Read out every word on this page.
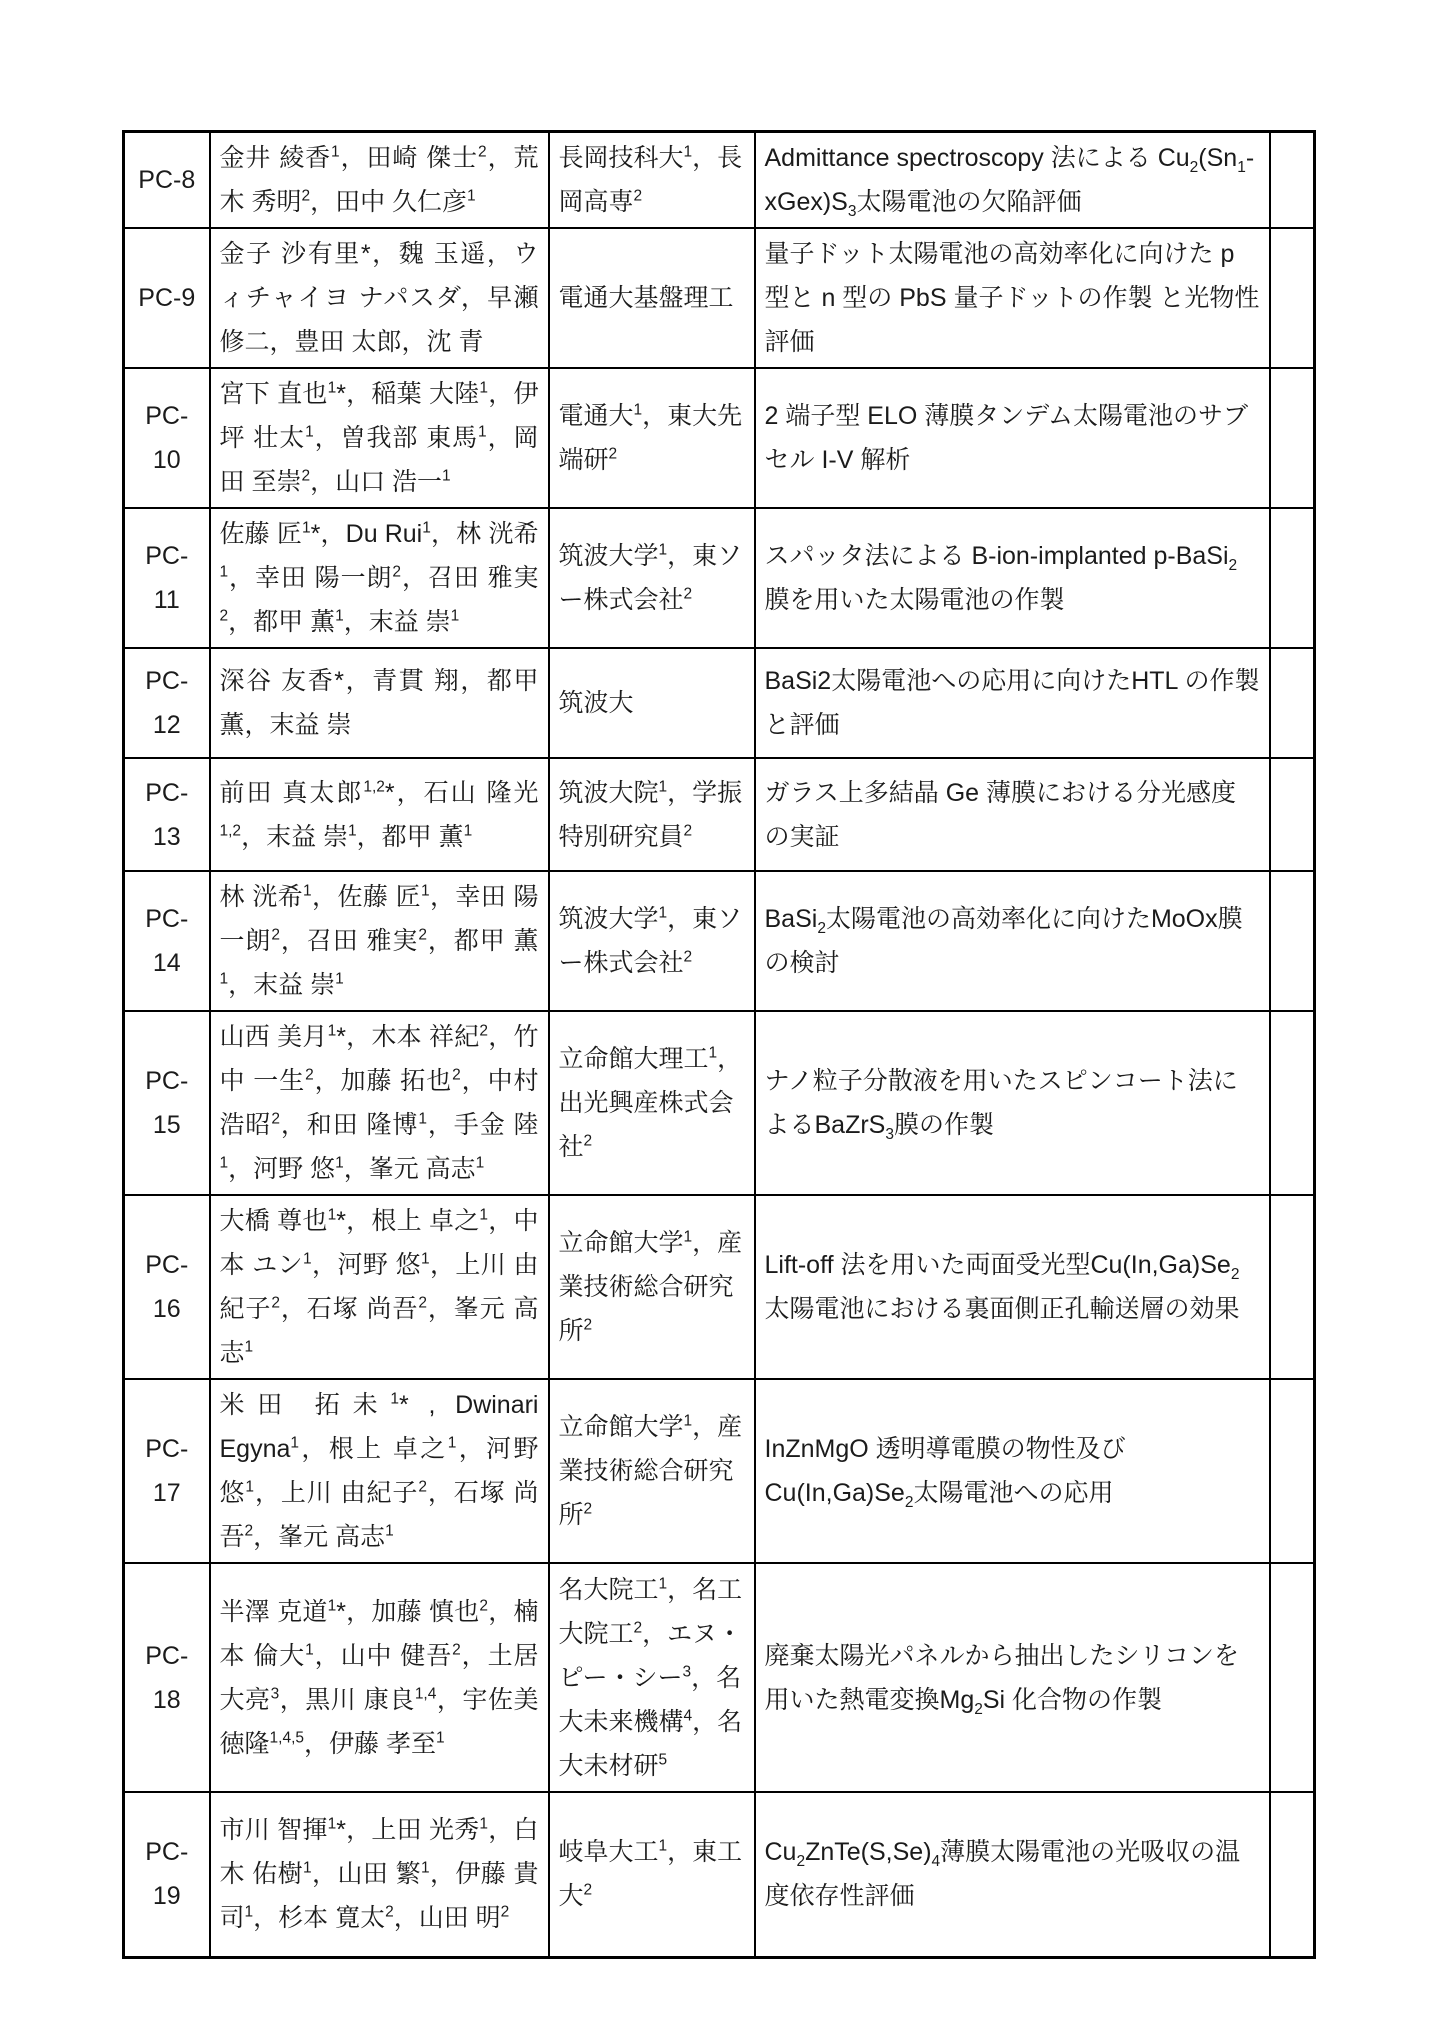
PC-8	金井 綾香$^1$，田崎 傑士$^2$，荒木 秀明$^2$，田中 久仁彦$^1$	長岡技科大$^1$，長岡高専$^2$	Admittance spectroscopy 法による $Cu_2(Sn_1-xGex)S_3$太陽電池の欠陥評価	
PC-9	金子 沙有里*，魏 玉遥，ウィチャイヨ ナパスダ，早瀬 修二，豊田 太郎，沈 青	電通大基盤理工	量子ドット太陽電池の高効率化に向けた p 型と n 型の PbS 量子ドットの作製 と光物性評価	
PC-10	宮下 直也$^1$*，稲葉 大陸$^1$，伊坪 壮太$^1$，曽我部 東馬$^1$，岡田 至崇$^2$，山口 浩一$^1$	電通大$^1$，東大先端研$^2$	2 端子型 ELO 薄膜タンデム太陽電池のサブセル I-V 解析	
PC-11	佐藤 匠$^1$*，Du Rui$^1$，林 洸希$^1$，幸田 陽一朗$^2$，召田 雅実$^2$，都甲 薫$^1$，末益 崇$^1$	筑波大学$^1$，東ソー株式会社$^2$	スパッタ法による B-ion-implanted p-BaSi$_2$膜を用いた太陽電池の作製	
PC-12	深谷 友香*，青貫 翔，都甲 薫，末益 崇	筑波大	BaSi2太陽電池への応用に向けたHTL の作製と評価	
PC-13	前田 真太郎$^{1,2}$*，石山 隆光$^{1,2}$，末益 崇$^1$，都甲 薫$^1$	筑波大院$^1$，学振特別研究員$^2$	ガラス上多結晶 Ge 薄膜における分光感度の実証	
PC-14	林 洸希$^1$，佐藤 匠$^1$，幸田 陽一朗$^2$，召田 雅実$^2$，都甲 薫$^1$，末益 崇$^1$	筑波大学$^1$，東ソー株式会社$^2$	BaSi$_2$太陽電池の高効率化に向けたMoOx膜の検討	
PC-15	山西 美月$^1$*，木本 祥紀$^2$，竹中 一生$^2$，加藤 拓也$^2$，中村 浩昭$^2$，和田 隆博$^1$，手金 陸$^1$，河野 悠$^1$，峯元 高志$^1$	立命館大理工$^1$，出光興産株式会社$^2$	ナノ粒子分散液を用いたスピンコート法によるBaZrS$_3$膜の作製	
PC-16	大橋 尊也$^1$*，根上 卓之$^1$，中本 ユン$^1$，河野 悠$^1$，上川 由紀子$^2$，石塚 尚吾$^2$，峯元 高志$^1$	立命館大学$^1$，産業技術総合研究所$^2$	Lift-off 法を用いた両面受光型$Cu(In,Ga)Se_2$太陽電池における裏面側正孔輸送層の効果	
PC-17	米田 拓未$^1$* , Dwinari Egyna$^1$，根上 卓之$^1$，河野 悠$^1$，上川 由紀子$^2$，石塚 尚吾$^2$，峯元 高志$^1$	立命館大学$^1$，産業技術総合研究所$^2$	InZnMgO 透明導電膜の物性及び$Cu(In,Ga)Se_2$太陽電池への応用	
PC-18	半澤 克道$^1$*，加藤 慎也$^2$，楠本 倫大$^1$，山中 健吾$^2$，土居 大亮$^3$，黒川 康良$^{1,4}$，宇佐美 徳隆$^{1,4,5}$，伊藤 孝至$^1$	名大院工$^1$，名工大院工$^2$，エヌ・ピー・シー$^3$，名大未来機構$^4$，名大未材研$^5$	廃棄太陽光パネルから抽出したシリコンを用いた熱電変換$Mg_2Si$ 化合物の作製	
PC-19	市川 智揮$^1$*，上田 光秀$^1$，白木 佑樹$^1$，山田 繁$^1$，伊藤 貴司$^1$，杉本 寛太$^2$，山田 明$^2$	岐阜大工$^1$，東工大$^2$	$Cu_2ZnTe(S,Se)_4$薄膜太陽電池の光吸収の温度依存性評価	
